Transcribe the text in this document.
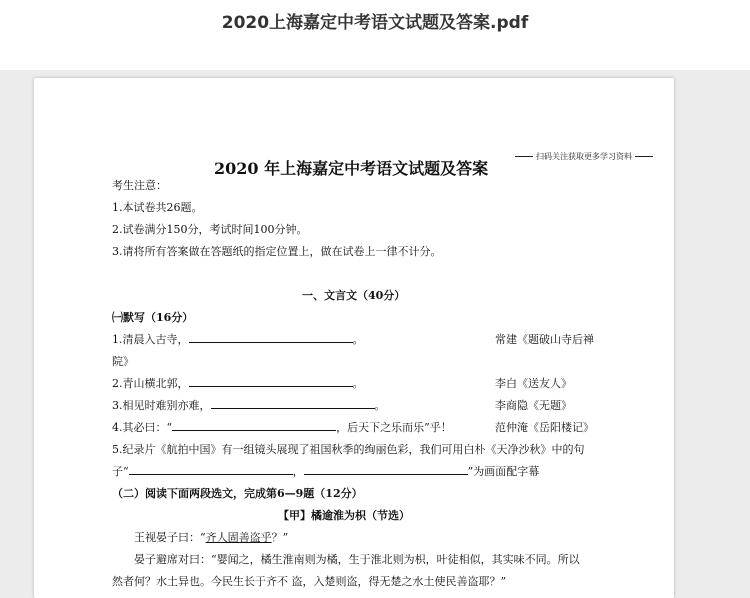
2020上海嘉定中考语文试题及答案.pdf
扫码关注获取更多学习资料
2020 年上海嘉定中考语文试题及答案
考生注意：
1.本试卷共26题。
2.试卷满分150分，考试时间100分钟。
3.请将所有答案做在答题纸的指定位置上，做在试卷上一律不计分。
一、文言文（40分）
㈠默写（16分）
1.清晨入古寺，	。	常建《题破山寺后禅
院》
2.青山横北郭，	。	李白《送友人》
3.相见时难别亦难，	。	李商隐《无题》
4.其必曰：“	，后天下之乐而乐”乎！	范仲淹《岳阳楼记》
5.纪录片《航拍中国》有一组镜头展现了祖国秋季的绚丽色彩，我们可用白朴《天净沙秋》中的句
子“	，	”为画面配字幕
（二）阅读下面两段选文，完成第6—9题（12分）
【甲】橘逾淮为枳（节选）
王视晏子曰：“齐人固善盗乎？”
晏子避席对曰：“婴闻之，橘生淮南则为橘，生于淮北则为枳，叶徒相似，其实味不同。所以
然者何？水土异也。今民生长于齐不 盗，入楚则盗，得无楚之水土使民善盗耶？”
